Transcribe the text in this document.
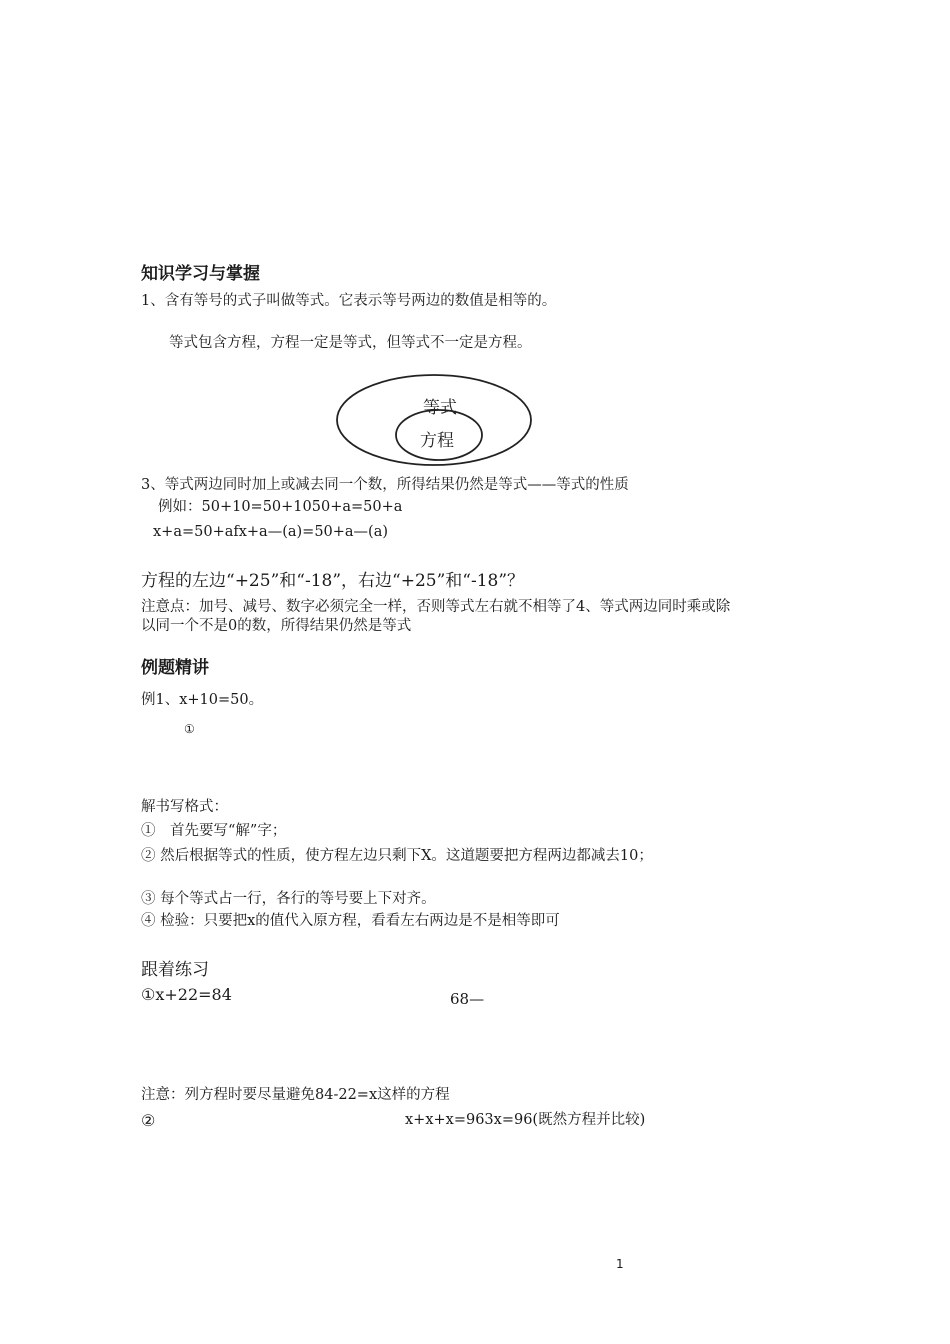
知识学习与掌握
1、含有等号的式子叫做等式。它表示等号两边的数值是相等的。
等式包含方程，方程一定是等式，但等式不一定是方程。
等式
方程
3、等式两边同时加上或减去同一个数，所得结果仍然是等式——等式的性质
例如：50+10=50+1050+a=50+a
x+a=50+afx+a—(a)=50+a—(a)
方程的左边“+25”和“-18”，右边“+25”和“-18”？
注意点：加号、减号、数字必须完全一样，否则等式左右就不相等了4、等式两边同时乘或除以同一个不是0的数，所得结果仍然是等式
例题精讲
例1、x+10=50。
①
解书写格式：
①　首先要写“解”字；
② 然后根据等式的性质，使方程左边只剩下X。这道题要把方程两边都减去10；
③ 每个等式占一行，各行的等号要上下对齐。
④ 检验：只要把x的值代入原方程，看看左右两边是不是相等即可
跟着练习
①x+22=84	68—
注意：列方程时要尽量避免84-22=x这样的方程
②	x+x+x=963x=96(既然方程并比较)
1
